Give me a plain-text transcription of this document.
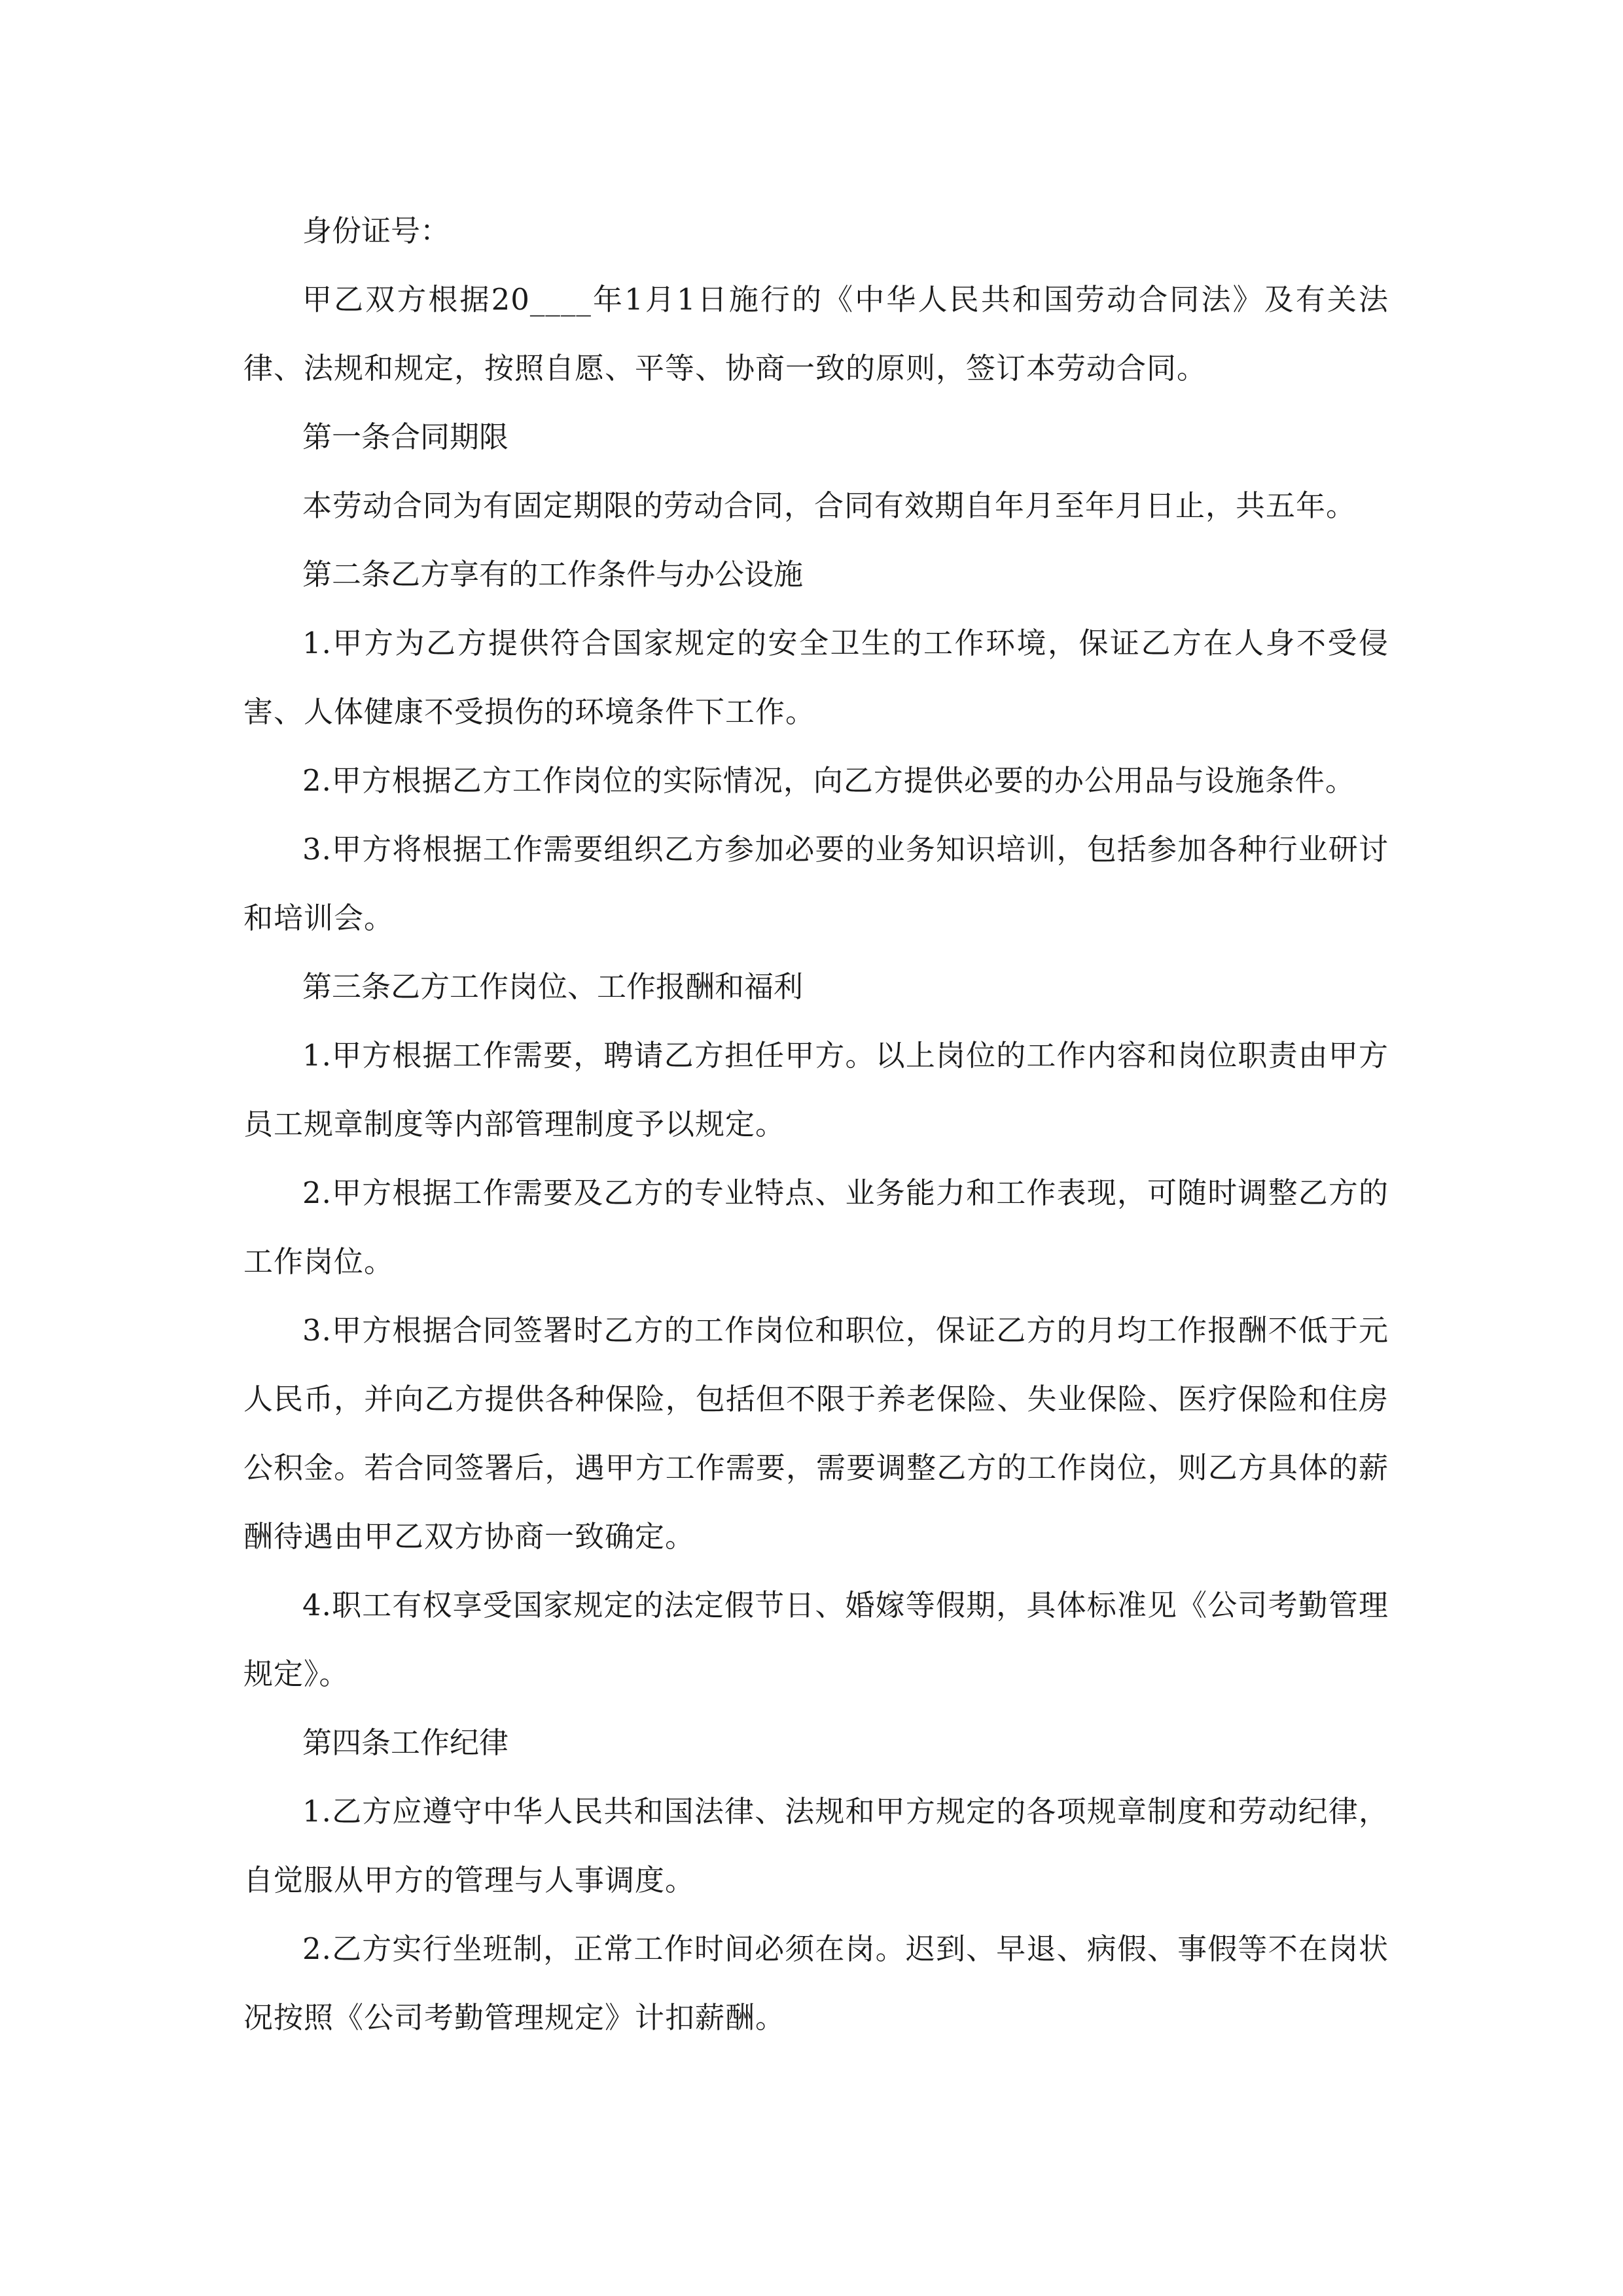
身份证号：

甲乙双方根据20____年1月1日施行的《中华人民共和国劳动合同法》及有关法律、法规和规定，按照自愿、平等、协商一致的原则，签订本劳动合同。

第一条合同期限

本劳动合同为有固定期限的劳动合同，合同有效期自年月至年月日止，共五年。

第二条乙方享有的工作条件与办公设施

1.甲方为乙方提供符合国家规定的安全卫生的工作环境，保证乙方在人身不受侵害、人体健康不受损伤的环境条件下工作。

2.甲方根据乙方工作岗位的实际情况，向乙方提供必要的办公用品与设施条件。

3.甲方将根据工作需要组织乙方参加必要的业务知识培训，包括参加各种行业研讨和培训会。

第三条乙方工作岗位、工作报酬和福利

1.甲方根据工作需要，聘请乙方担任甲方。以上岗位的工作内容和岗位职责由甲方员工规章制度等内部管理制度予以规定。

2.甲方根据工作需要及乙方的专业特点、业务能力和工作表现，可随时调整乙方的工作岗位。

3.甲方根据合同签署时乙方的工作岗位和职位，保证乙方的月均工作报酬不低于元人民币，并向乙方提供各种保险，包括但不限于养老保险、失业保险、医疗保险和住房公积金。若合同签署后，遇甲方工作需要，需要调整乙方的工作岗位，则乙方具体的薪酬待遇由甲乙双方协商一致确定。

4.职工有权享受国家规定的法定假节日、婚嫁等假期，具体标准见《公司考勤管理规定》。

第四条工作纪律

1.乙方应遵守中华人民共和国法律、法规和甲方规定的各项规章制度和劳动纪律，自觉服从甲方的管理与人事调度。

2.乙方实行坐班制，正常工作时间必须在岗。迟到、早退、病假、事假等不在岗状况按照《公司考勤管理规定》计扣薪酬。
